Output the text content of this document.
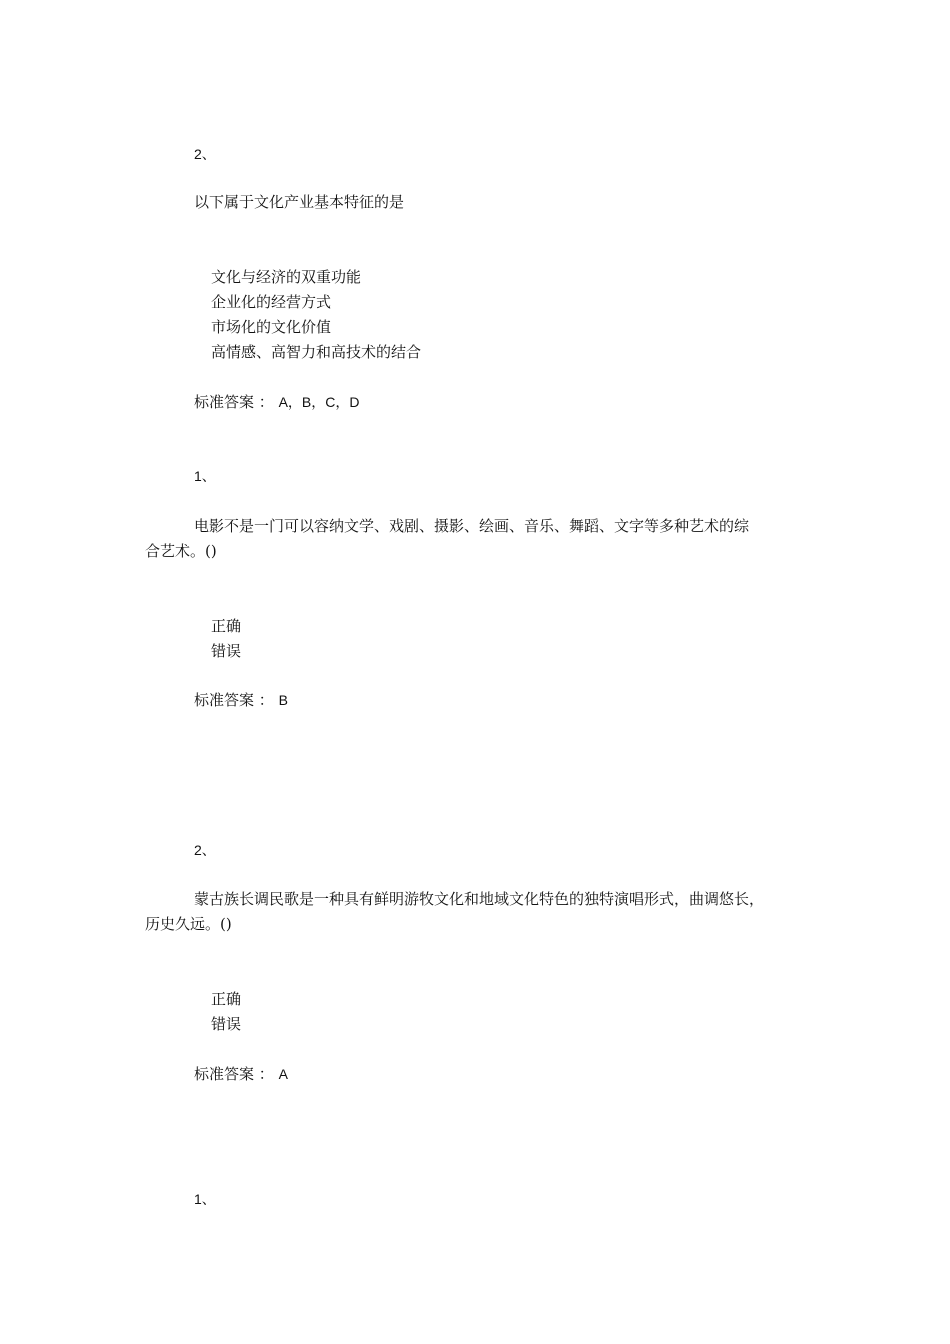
2、
以下属于文化产业基本特征的是
文化与经济的双重功能
企业化的经营方式
市场化的文化价值
高情感、高智力和高技术的结合
标准答案 ： A，B，C，D
1、
电影不是一门可以容纳文学、戏剧、摄影、绘画、音乐、舞蹈、文字等多种艺术的综
合艺术。()
正确
错误
标准答案 ： B
2、
蒙古族长调民歌是一种具有鲜明游牧文化和地域文化特色的独特演唱形式，曲调悠长，
历史久远。()
正确
错误
标准答案 ： A
1、
